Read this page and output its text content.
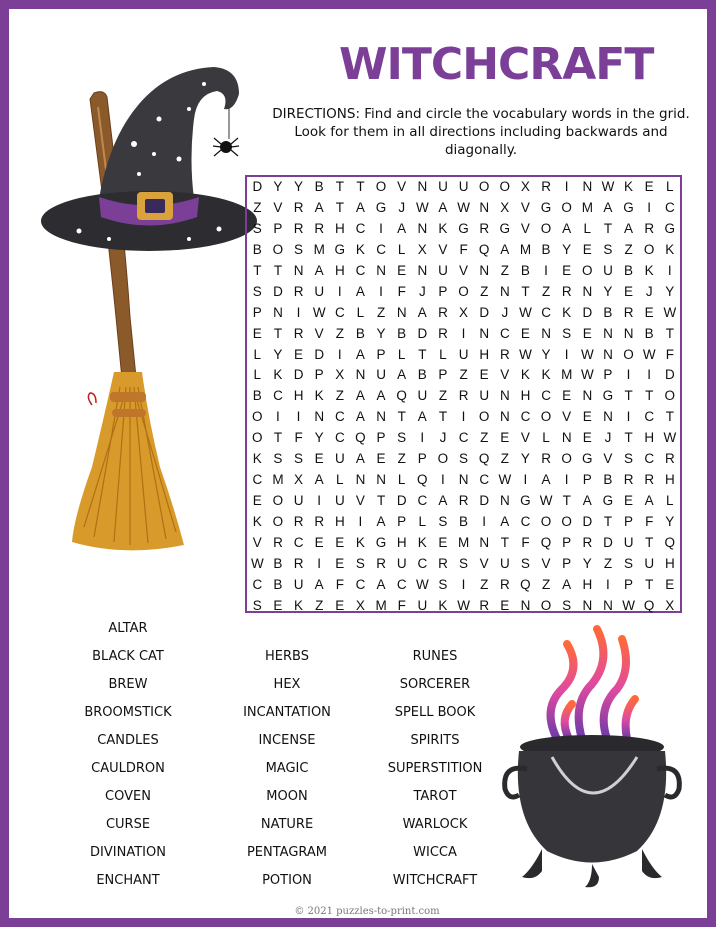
WITCHCRAFT
DIRECTIONS: Find and circle the vocabulary words in the grid. Look for them in all directions including backwards and diagonally.
D Y Y B T T O V N U U O O X R	I	N W K E L
Z V R A T A G J W A W N X V G O M A G I	C
S P R R H C	I	A N K G R G V O A L T A R G
B O S M G K C L X V F Q A M B Y E S Z O K
T T N A H C N E N U V N Z B	I	E O U B K	I
S D R U	I	A	I	F J P O Z N T Z R N Y E J Y
P N	I W C L Z N A R X D J W C K D B R E W
E T R V Z B Y B D R	I	N C E N S E N N B T
L Y E D	I	A P L T L U H R W Y	I W N O W F
L K D P X N U A B P Z E V K K M W P	I	I	D
B C H K Z A A Q U Z R U N H C E N G T T O
O I	I	N C A N T A T	I O N C O V E N	I	C T
O T F Y C Q P S	I	J C Z E V L N E J T H W
K S S E U A E Z P O S Q Z Y R O G V S C R
C M X A L N N L Q I	N C W I	A	I	P B R R H
E O U	I	U V T D C A R D N G W T A G E A L
K O R R H	I	A P L S B	I	A C O O D T P F Y
V R C E E K G H K E M N T F Q P R D U T Q
W B R	I	E S R U C R S V U S V P Y Z S U H
C B U A F C A C W S	I	Z R Q Z A H	I	P T E
S E K Z E X M F U K W R E N O S N N W Q X
ALTAR
BLACK CAT
BREW
BROOMSTICK
CANDLES
CAULDRON
COVEN
CURSE
DIVINATION
ENCHANT
HERBS
HEX
INCANTATION
INCENSE
MAGIC
MOON
NATURE
PENTAGRAM
POTION
RUNES
SORCERER
SPELL BOOK
SPIRITS
SUPERSTITION
TAROT
WARLOCK
WICCA
WITCHCRAFT
© 2021 puzzles-to-print.com
